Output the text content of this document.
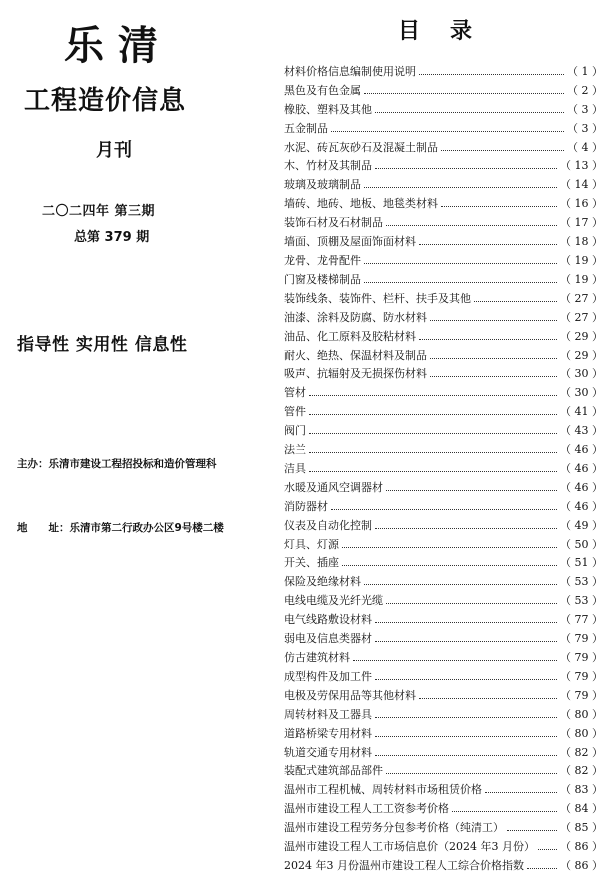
乐清
工程造价信息
月刊
二〇二四年 第三期
总第 379 期
指导性 实用性 信息性
主办：乐清市建设工程招投标和造价管理科
地　　址：乐清市第二行政办公区9号楼二楼
目录
材料价格信息编制使用说明	（ 1 ）
黑色及有色金属	（ 2 ）
橡胶、塑料及其他	（ 3 ）
五金制品	（ 3 ）
水泥、砖瓦灰砂石及混凝土制品	（ 4 ）
木、竹材及其制品	（ 13 ）
玻璃及玻璃制品	（ 14 ）
墙砖、地砖、地板、地毯类材料	（ 16 ）
装饰石材及石材制品	（ 17 ）
墙面、顶棚及屋面饰面材料	（ 18 ）
龙骨、龙骨配件	（ 19 ）
门窗及楼梯制品	（ 19 ）
装饰线条、装饰件、栏杆、扶手及其他	（ 27 ）
油漆、涂料及防腐、防水材料	（ 27 ）
油品、化工原料及胶粘材料	（ 29 ）
耐火、绝热、保温材料及制品	（ 29 ）
吸声、抗辐射及无损探伤材料	（ 30 ）
管材	（ 30 ）
管件	（ 41 ）
阀门	（ 43 ）
法兰	（ 46 ）
洁具	（ 46 ）
水暖及通风空调器材	（ 46 ）
消防器材	（ 46 ）
仪表及自动化控制	（ 49 ）
灯具、灯源	（ 50 ）
开关、插座	（ 51 ）
保险及绝缘材料	（ 53 ）
电线电缆及光纤光缆	（ 53 ）
电气线路敷设材料	（ 77 ）
弱电及信息类器材	（ 79 ）
仿古建筑材料	（ 79 ）
成型构件及加工件	（ 79 ）
电极及劳保用品等其他材料	（ 79 ）
周转材料及工器具	（ 80 ）
道路桥梁专用材料	（ 80 ）
轨道交通专用材料	（ 82 ）
装配式建筑部品部件	（ 82 ）
温州市工程机械、周转材料市场租赁价格	（ 83 ）
温州市建设工程人工工资参考价格	（ 84 ）
温州市建设工程劳务分包参考价格（纯清工）	（ 85 ）
温州市建设工程人工市场信息价（2024 年3 月份） （ 86 ）
2024 年3 月份温州市建设工程人工综合价格指数	（ 86 ）
